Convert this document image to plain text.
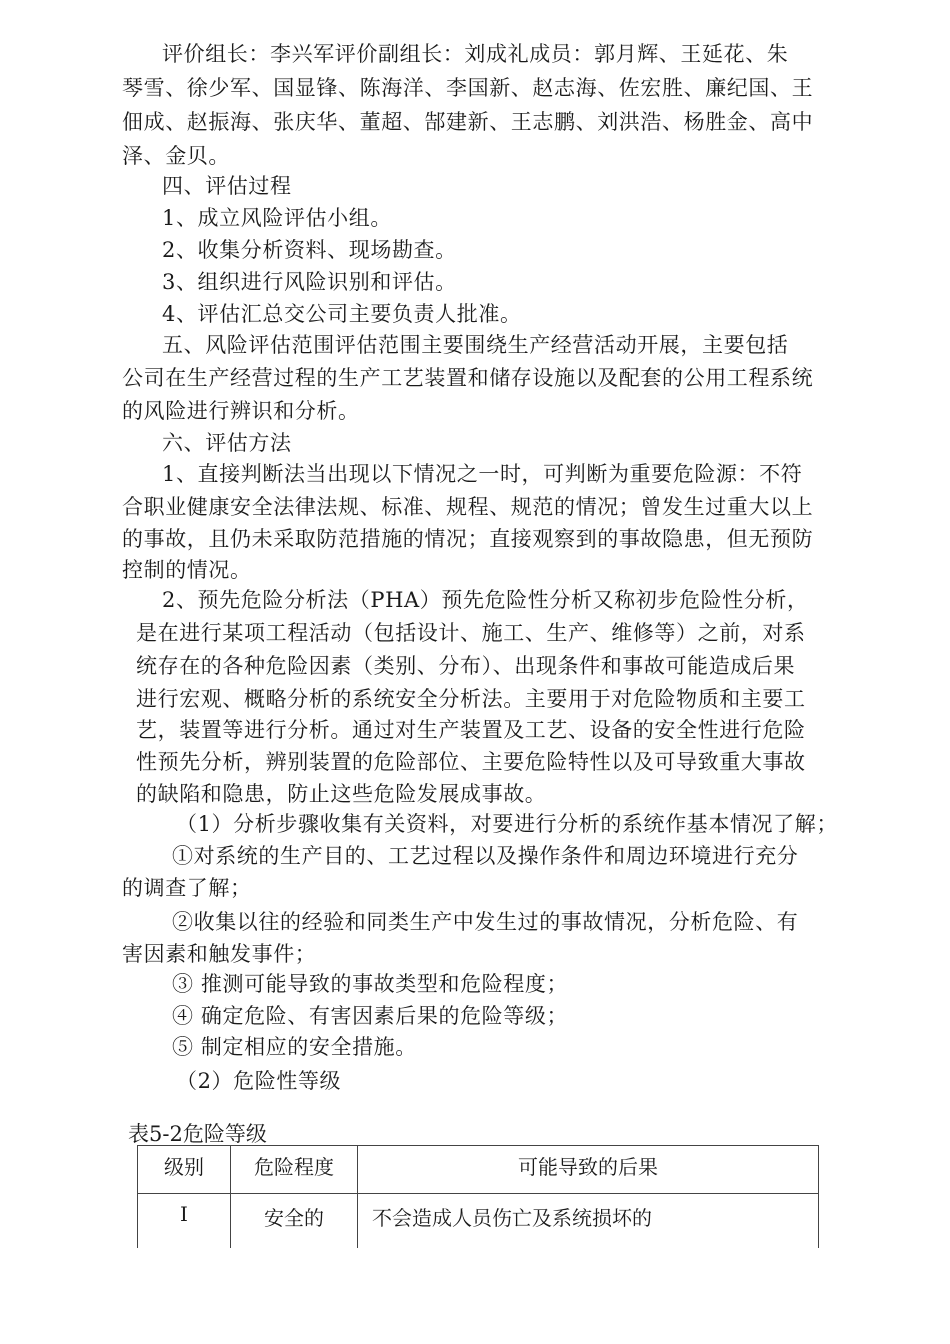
评价组长：李兴军评价副组长：刘成礼成员：郭月辉、王延花、朱
琴雪、徐少军、国显锋、陈海洋、李国新、赵志海、佐宏胜、廉纪国、王
佃成、赵振海、张庆华、董超、郜建新、王志鹏、刘洪浩、杨胜金、高中
泽、金贝。
四、评估过程
1、成立风险评估小组。
2、收集分析资料、现场勘查。
3、组织进行风险识别和评估。
4、评估汇总交公司主要负责人批准。
五、风险评估范围评估范围主要围绕生产经营活动开展，主要包括
公司在生产经营过程的生产工艺装置和储存设施以及配套的公用工程系统
的风险进行辨识和分析。
六、评估方法
1、直接判断法当出现以下情况之一时，可判断为重要危险源：不符
合职业健康安全法律法规、标准、规程、规范的情况；曾发生过重大以上
的事故，且仍未采取防范措施的情况；直接观察到的事故隐患，但无预防
控制的情况。
2、预先危险分析法（PHA）预先危险性分析又称初步危险性分析，
是在进行某项工程活动（包括设计、施工、生产、维修等）之前，对系
统存在的各种危险因素（类别、分布）、出现条件和事故可能造成后果
进行宏观、概略分析的系统安全分析法。主要用于对危险物质和主要工
艺，装置等进行分析。通过对生产装置及工艺、设备的安全性进行危险
性预先分析，辨别装置的危险部位、主要危险特性以及可导致重大事故
的缺陷和隐患，防止这些危险发展成事故。
（1）分析步骤收集有关资料，对要进行分析的系统作基本情况了解；
①对系统的生产目的、工艺过程以及操作条件和周边环境进行充分
的调查了解；
②收集以往的经验和同类生产中发生过的事故情况，分析危险、有
害因素和触发事件；
③ 推测可能导致的事故类型和危险程度；
④ 确定危险、有害因素后果的危险等级；
⑤ 制定相应的安全措施。
（2）危险性等级
表5-2危险等级
级别	危险程度	可能导致的后果
I	安全的	不会造成人员伤亡及系统损坏的
